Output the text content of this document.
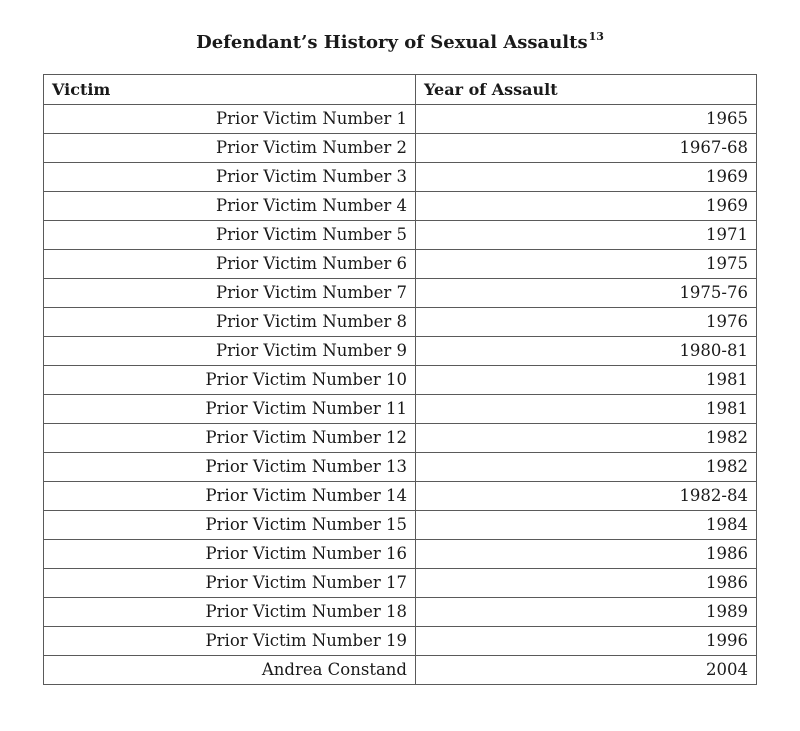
Defendant’s History of Sexual Assaults$^{13}$
Victim	Year of Assault
Prior Victim Number 1	1965
Prior Victim Number 2	1967-68
Prior Victim Number 3	1969
Prior Victim Number 4	1969
Prior Victim Number 5	1971
Prior Victim Number 6	1975
Prior Victim Number 7	1975-76
Prior Victim Number 8	1976
Prior Victim Number 9	1980-81
Prior Victim Number 10	1981
Prior Victim Number 11	1981
Prior Victim Number 12	1982
Prior Victim Number 13	1982
Prior Victim Number 14	1982-84
Prior Victim Number 15	1984
Prior Victim Number 16	1986
Prior Victim Number 17	1986
Prior Victim Number 18	1989
Prior Victim Number 19	1996
Andrea Constand	2004
